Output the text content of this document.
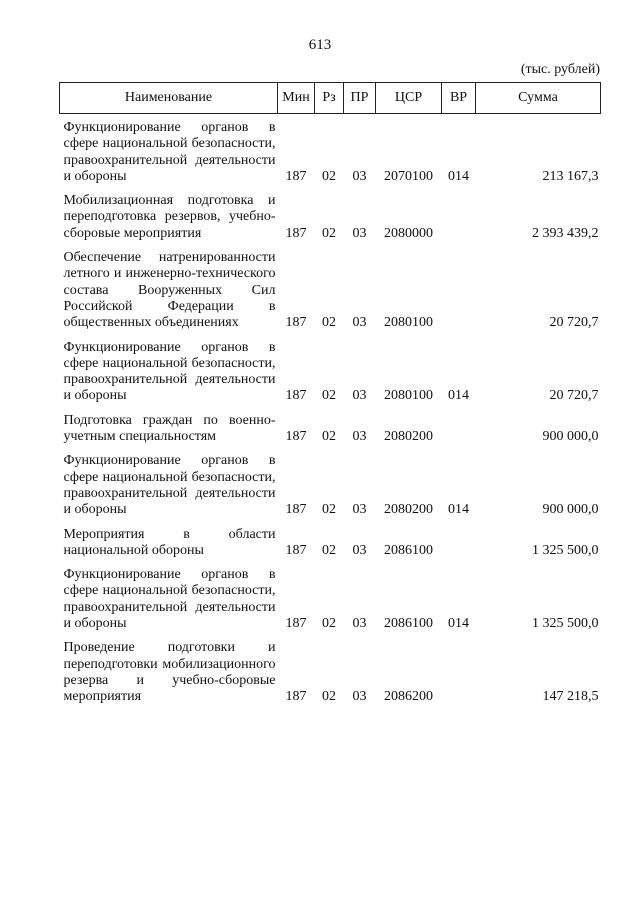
613
(тыс. рублей)
Наименование	Мин	Рз	ПР	ЦСР	ВР	Сумма
Функционирование органов в сфере национальной безопасности, правоохранительной деятельности и обороны	187	02	03	2070100	014	213 167,3
Мобилизационная подготовка и переподготовка резервов, учебно-сборовые мероприятия	187	02	03	2080000		2 393 439,2
Обеспечение натренированности летного и инженерно-технического состава Вооруженных Сил Российской Федерации в общественных объединениях	187	02	03	2080100		20 720,7
Функционирование органов в сфере национальной безопасности, правоохранительной деятельности и обороны	187	02	03	2080100	014	20 720,7
Подготовка граждан по военно-учетным специальностям	187	02	03	2080200		900 000,0
Функционирование органов в сфере национальной безопасности, правоохранительной деятельности и обороны	187	02	03	2080200	014	900 000,0
Мероприятия в области национальной обороны	187	02	03	2086100		1 325 500,0
Функционирование органов в сфере национальной безопасности, правоохранительной деятельности и обороны	187	02	03	2086100	014	1 325 500,0
Проведение подготовки и переподготовки мобилизационного резерва и учебно-сборовые мероприятия	187	02	03	2086200		147 218,5
